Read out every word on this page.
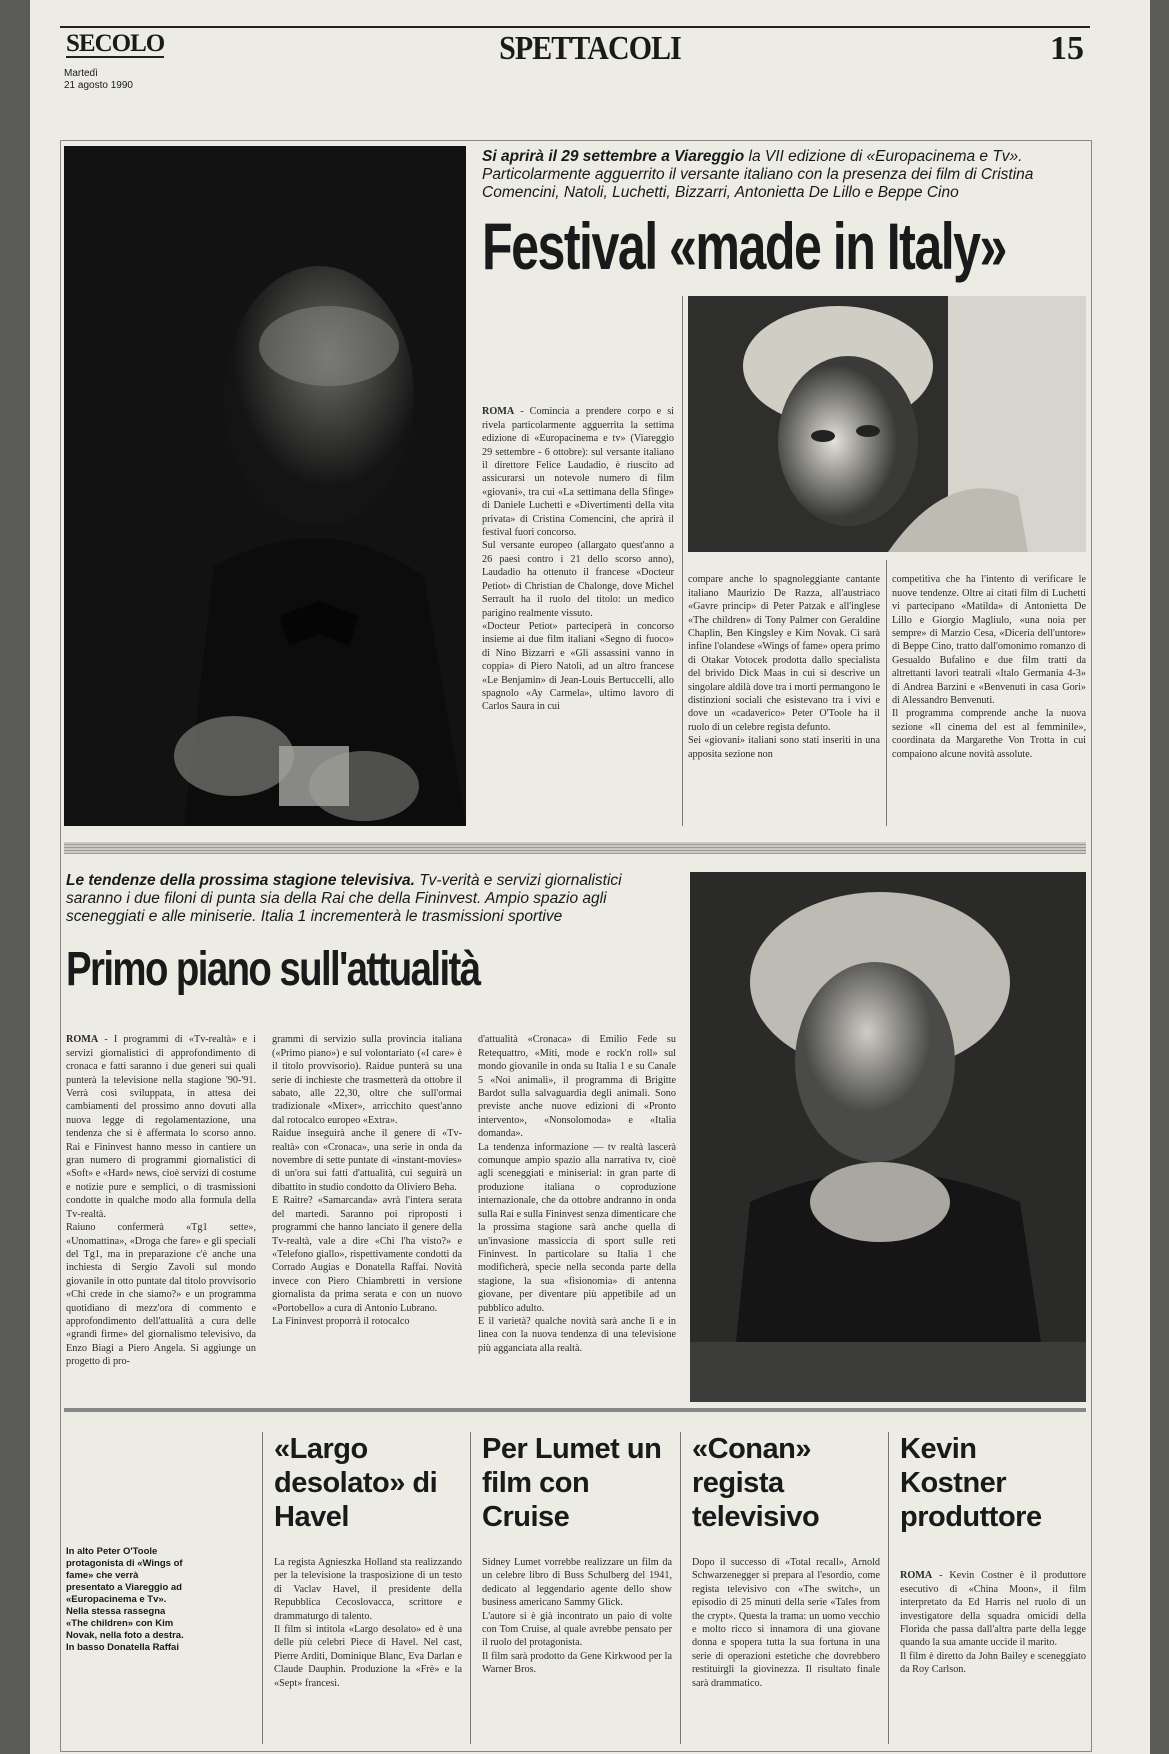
SECOLO
Martedì
21 agosto 1990
SPETTACOLI	15
Si aprirà il 29 settembre a Viareggio la VII edizione di «Europacinema e Tv». Particolarmente agguerrito il versante italiano con la presenza dei film di Cristina Comencini, Natoli, Luchetti, Bizzarri, Antonietta De Lillo e Beppe Cino
Festival «made in Italy»

ROMA - Comincia a prendere corpo e si rivela particolarmente agguerrita la settima edizione di «Europacinema e tv» (Viareggio 29 settembre - 6 ottobre): sul versante italiano il direttore Felice Laudadio, è riuscito ad assicurarsi un notevole numero di film «giovani», tra cui «La settimana della Sfinge» di Daniele Luchetti e «Divertimenti della vita privata» di Cristina Comencini, che aprirà il festival fuori concorso.
Sul versante europeo (allargato quest'anno a 26 paesi contro i 21 dello scorso anno), Laudadio ha ottenuto il francese «Docteur Petiot» di Christian de Chalonge, dove Michel Serrault ha il ruolo del titolo: un medico parigino realmente vissuto.
«Docteur Petiot» parteciperà in concorso insieme ai due film italiani «Segno di fuoco» di Nino Bizzarri e «Gli assassini vanno in coppia» di Piero Natoli, ad un altro francese «Le Benjamin» di Jean-Louis Bertuccelli, allo spagnolo «Ay Carmela», ultimo lavoro di Carlos Saura in cui

compare anche lo spagnoleggiante cantante italiano Maurizio De Razza, all'austriaco «Gavre princip» di Peter Patzak e all'inglese «The children» di Tony Palmer con Geraldine Chaplin, Ben Kingsley e Kim Novak. Ci sarà infine l'olandese «Wings of fame» opera primo di Otakar Votocek prodotta dallo specialista del brivido Dick Maas in cui si descrive un singolare aldilà dove tra i morti permangono le distinzioni sociali che esistevano tra i vivi e dove un «cadaverico» Peter O'Toole ha il ruolo di un celebre regista defunto.
Sei «giovani» italiani sono stati inseriti in una apposita sezione non

competitiva che ha l'intento di verificare le nuove tendenze. Oltre ai citati film di Luchetti vi partecipano «Matilda» di Antonietta De Lillo e Giorgio Magliulo, «una noia per sempre» di Marzio Cesa, «Diceria dell'untore» di Beppe Cino, tratto dall'omonimo romanzo di Gesualdo Bufalino e due film tratti da altrettanti lavori teatrali «Italo Germania 4-3» di Andrea Barzini e «Benvenuti in casa Gori» di Alessandro Benvenuti.
Il programma comprende anche la nuova sezione «Il cinema del est al femminile», coordinata da Margarethe Von Trotta in cui compaiono alcune novità assolute.

Le tendenze della prossima stagione televisiva. Tv-verità e servizi giornalistici saranno i due filoni di punta sia della Rai che della Fininvest. Ampio spazio agli sceneggiati e alle miniserie. Italia 1 incrementerà le trasmissioni sportive
Primo piano sull'attualità

ROMA - I programmi di «Tv-realtà» e i servizi giornalistici di approfondimento di cronaca e fatti saranno i due generi sui quali punterà la televisione nella stagione '90-'91. Verrà così sviluppata, in attesa dei cambiamenti del prossimo anno dovuti alla nuova legge di regolamentazione, una tendenza che si è affermata lo scorso anno. Rai e Fininvest hanno messo in cantiere un gran numero di programmi giornalistici di «Soft» e «Hard» news, cioè servizi di costume e notizie pure e semplici, o di trasmissioni condotte in qualche modo alla formula della Tv-realtà.
Raiuno confermerà «Tg1 sette», «Unomattina», «Droga che fare» e gli speciali del Tg1, ma in preparazione c'è anche una inchiesta di Sergio Zavoli sul mondo giovanile in otto puntate dal titolo provvisorio «Chi crede in che siamo?» e un programma quotidiano di mezz'ora di commento e approfondimento dell'attualità a cura delle «grandi firme» del giornalismo televisivo, da Enzo Biagi a Piero Angela. Si aggiunge un progetto di pro-

grammi di servizio sulla provincia italiana («Primo piano») e sul volontariato («I care» è il titolo provvisorio). Raidue punterà su una serie di inchieste che trasmetterà da ottobre il sabato, alle 22,30, oltre che sull'ormai tradizionale «Mixer», arricchito quest'anno dal rotocalco europeo «Extra».
Raidue inseguirà anche il genere di «Tv-realtà» con «Cronaca», una serie in onda da novembre di sette puntate di «instant-movies» di un'ora sui fatti d'attualità, cui seguirà un dibattito in studio condotto da Oliviero Beha.
E Raitre? «Samarcanda» avrà l'intera serata del martedì. Saranno poi riproposti i programmi che hanno lanciato il genere della Tv-realtà, vale a dire «Chi l'ha visto?» e «Telefono giallo», rispettivamente condotti da Corrado Augias e Donatella Raffai. Novità invece con Piero Chiambretti in versione giornalista da prima serata e con un nuovo «Portobello» a cura di Antonio Lubrano.
La Fininvest proporrà il rotocalco

d'attualità «Cronaca» di Emilio Fede su Retequattro, «Miti, mode e rock'n roll» sul mondo giovanile in onda su Italia 1 e su Canale 5 «Noi animali», il programma di Brigitte Bardot sulla salvaguardia degli animali. Sono previste anche nuove edizioni di «Pronto intervento», «Nonsolomoda» e «Italia domanda».
La tendenza informazione — tv realtà lascerà comunque ampio spazio alla narrativa tv, cioè agli sceneggiati e miniserial: in gran parte di produzione italiana o coproduzione internazionale, che da ottobre andranno in onda sulla Rai e sulla Fininvest senza dimenticare che la prossima stagione sarà anche quella di un'invasione massiccia di sport sulle reti Fininvest. In particolare su Italia 1 che modificherà, specie nella seconda parte della stagione, la sua «fisionomia» di antenna giovane, per diventare più appetibile ad un pubblico adulto.
E il varietà? qualche novità sarà anche lì e in linea con la nuova tendenza di una televisione più agganciata alla realtà.

In alto Peter O'Toole protagonista di «Wings of fame» che verrà presentato a Viareggio ad «Europacinema e Tv». Nella stessa rassegna «The children» con Kim Novak, nella foto a destra. In basso Donatella Raffai
«Largo desolato» di Havel
La regista Agnieszka Holland sta realizzando per la televisione la trasposizione di un testo di Vaclav Havel, il presidente della Repubblica Cecoslovacca, scrittore e drammaturgo di talento.
Il film si intitola «Largo desolato» ed è una delle più celebri Piece di Havel. Nel cast, Pierre Arditi, Dominique Blanc, Eva Darlan e Claude Dauphin. Produzione la «Frè» e la «Sept» francesi.
Per Lumet un film con Cruise
Sidney Lumet vorrebbe realizzare un film da un celebre libro di Buss Schulberg del 1941, dedicato al leggendario agente dello show business americano Sammy Glick.
L'autore si è già incontrato un paio di volte con Tom Cruise, al quale avrebbe pensato per il ruolo del protagonista.
Il film sarà prodotto da Gene Kirkwood per la Warner Bros.
«Conan» regista televisivo
Dopo il successo di «Total recall», Arnold Schwarzenegger si prepara al l'esordio, come regista televisivo con «The switch», un episodio di 25 minuti della serie «Tales from the crypt». Questa la trama: un uomo vecchio e molto ricco si innamora di una giovane donna e spopera tutta la sua fortuna in una serie di operazioni estetiche che dovrebbero restituirgli la giovinezza. Il risultato finale sarà drammatico.
Kevin Kostner produttore

ROMA - Kevin Costner è il produttore esecutivo di «China Moon», il film interpretato da Ed Harris nel ruolo di un investigatore della squadra omicidi della Florida che passa dall'altra parte della legge quando la sua amante uccide il marito.
Il film è diretto da John Bailey e sceneggiato da Roy Carlson.
